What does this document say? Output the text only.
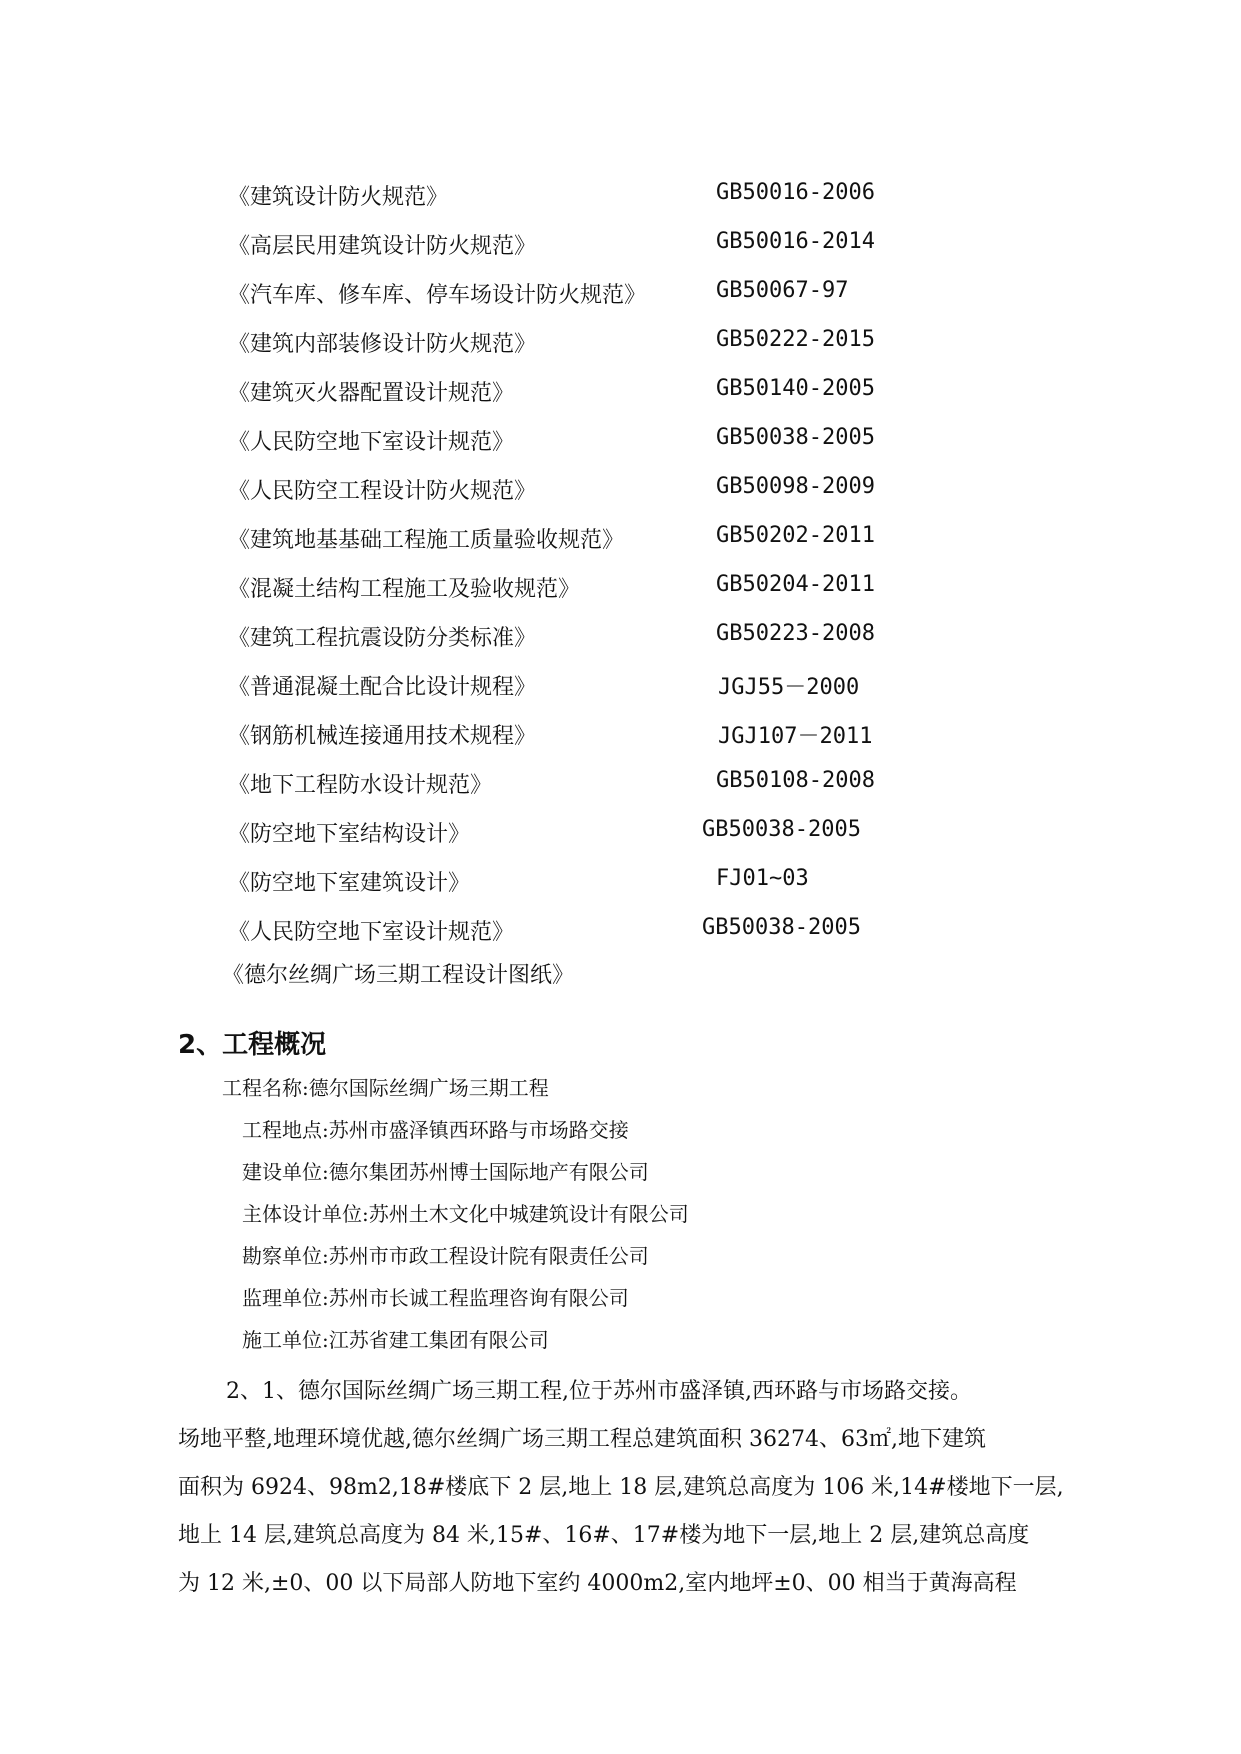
《建筑设计防火规范》	GB50016-2006
《高层民用建筑设计防火规范》	GB50016-2014
《汽车库、修车库、停车场设计防火规范》	GB50067-97
《建筑内部装修设计防火规范》	GB50222-2015
《建筑灭火器配置设计规范》	GB50140-2005
《人民防空地下室设计规范》	GB50038-2005
《人民防空工程设计防火规范》	GB50098-2009
《建筑地基基础工程施工质量验收规范》	GB50202-2011
《混凝土结构工程施工及验收规范》	GB50204-2011
《建筑工程抗震设防分类标准》	GB50223-2008
《普通混凝土配合比设计规程》	JGJ55－2000
《钢筋机械连接通用技术规程》	JGJ107－2011
《地下工程防水设计规范》	GB50108-2008
《防空地下室结构设计》	GB50038-2005
《防空地下室建筑设计》	FJ01~03
《人民防空地下室设计规范》	GB50038-2005
《德尔丝绸广场三期工程设计图纸》
2、工程概况
工程名称:德尔国际丝绸广场三期工程
工程地点:苏州市盛泽镇西环路与市场路交接
建设单位:德尔集团苏州博士国际地产有限公司
主体设计单位:苏州土木文化中城建筑设计有限公司
勘察单位:苏州市市政工程设计院有限责任公司
监理单位:苏州市长诚工程监理咨询有限公司
施工单位:江苏省建工集团有限公司
2、1、德尔国际丝绸广场三期工程,位于苏州市盛泽镇,西环路与市场路交接。
场地平整,地理环境优越,德尔丝绸广场三期工程总建筑面积 36274、63㎡,地下建筑
面积为 6924、98m2,18#楼底下 2 层,地上 18 层,建筑总高度为 106 米,14#楼地下一层,
地上 14 层,建筑总高度为 84 米,15#、16#、17#楼为地下一层,地上 2 层,建筑总高度
为 12 米,±0、00 以下局部人防地下室约 4000m2,室内地坪±0、00 相当于黄海高程
